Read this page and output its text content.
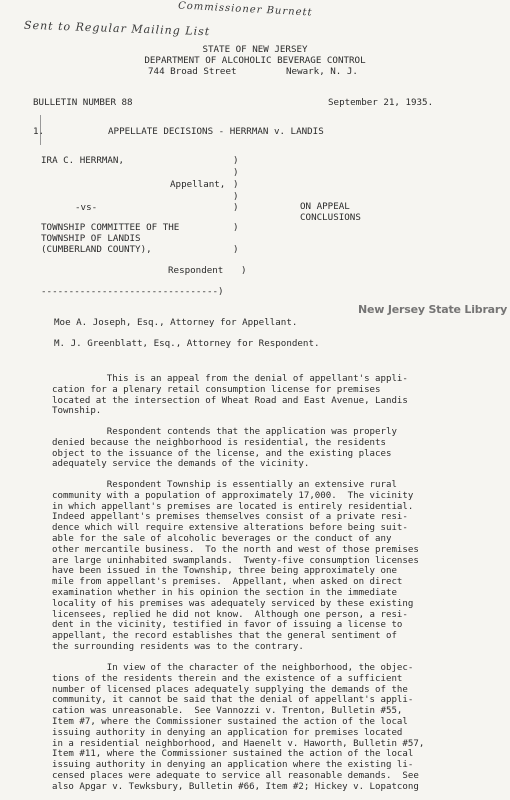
Commissioner Burnett
Sent to Regular Mailing List
STATE OF NEW JERSEY
DEPARTMENT OF ALCOHOLIC BEVERAGE CONTROL
744 Broad Street	Newark, N. J.
BULLETIN NUMBER 88	September 21, 1935.
1.	APPELLATE DECISIONS - HERRMAN v. LANDIS
IRA C. HERRMAN,	)
)
Appellant, )
)
-vs-	)
TOWNSHIP COMMITTEE OF THE	)
TOWNSHIP OF LANDIS
(CUMBERLAND COUNTY),	)
ON APPEAL
CONCLUSIONS
Respondent )
--------------------------------)
New Jersey State Library
Moe A. Joseph, Esq., Attorney for Appellant.
M. J. Greenblatt, Esq., Attorney for Respondent.
This is an appeal from the denial of appellant's appli-
cation for a plenary retail consumption license for premises
located at the intersection of Wheat Road and East Avenue, Landis
Township.
Respondent contends that the application was properly
denied because the neighborhood is residential, the residents
object to the issuance of the license, and the existing places
adequately service the demands of the vicinity.
Respondent Township is essentially an extensive rural
community with a population of approximately 17,000.  The vicinity
in which appellant's premises are located is entirely residential.
Indeed appellant's premises themselves consist of a private resi-
dence which will require extensive alterations before being suit-
able for the sale of alcoholic beverages or the conduct of any
other mercantile business.  To the north and west of those premises
are large uninhabited swamplands.  Twenty-five consumption licenses
have been issued in the Township, three being approximately one
mile from appellant's premises.  Appellant, when asked on direct
examination whether in his opinion the section in the immediate
locality of his premises was adequately serviced by these existing
licensees, replied he did not know.  Although one person, a resi-
dent in the vicinity, testified in favor of issuing a license to
appellant, the record establishes that the general sentiment of
the surrounding residents was to the contrary.
In view of the character of the neighborhood, the objec-
tions of the residents therein and the existence of a sufficient
number of licensed places adequately supplying the demands of the
community, it cannot be said that the denial of appellant's appli-
cation was unreasonable.  See Vannozzi v. Trenton, Bulletin #55,
Item #7, where the Commissioner sustained the action of the local
issuing authority in denying an application for premises located
in a residential neighborhood, and Haenelt v. Haworth, Bulletin #57,
Item #11, where the Commissioner sustained the action of the local
issuing authority in denying an application where the existing li-
censed places were adequate to service all reasonable demands.  See
also Apgar v. Tewksbury, Bulletin #66, Item #2; Hickey v. Lopatcong
